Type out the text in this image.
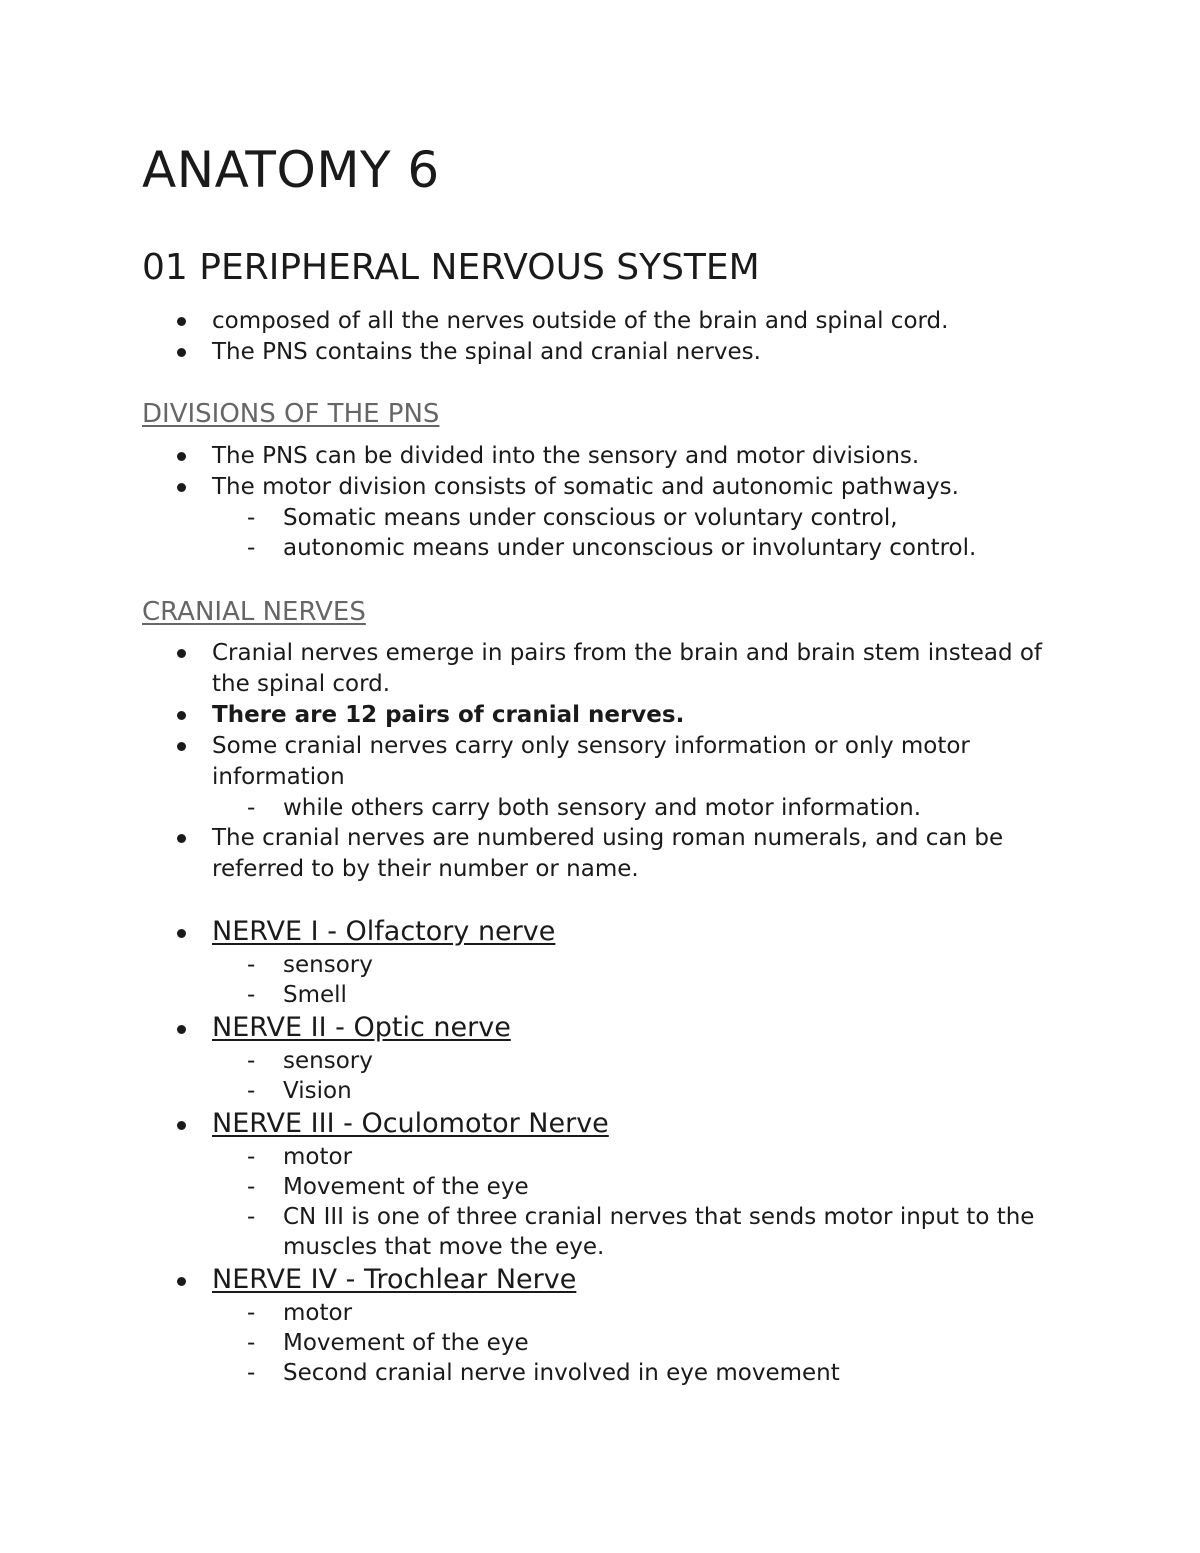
ANATOMY 6
01 PERIPHERAL NERVOUS SYSTEM
composed of all the nerves outside of the brain and spinal cord.
The PNS contains the spinal and cranial nerves.
DIVISIONS OF THE PNS
The PNS can be divided into the sensory and motor divisions.
The motor division consists of somatic and autonomic pathways.
- Somatic means under conscious or voluntary control,
- autonomic means under unconscious or involuntary control.
CRANIAL NERVES
Cranial nerves emerge in pairs from the brain and brain stem instead of the spinal cord.
There are 12 pairs of cranial nerves.
Some cranial nerves carry only sensory information or only motor information
- while others carry both sensory and motor information.
The cranial nerves are numbered using roman numerals, and can be referred to by their number or name.
NERVE I - Olfactory nerve
- sensory
- Smell
NERVE II - Optic nerve
- sensory
- Vision
NERVE III - Oculomotor Nerve
- motor
- Movement of the eye
- CN III is one of three cranial nerves that sends motor input to the muscles that move the eye.
NERVE IV - Trochlear Nerve
- motor
- Movement of the eye
- Second cranial nerve involved in eye movement
